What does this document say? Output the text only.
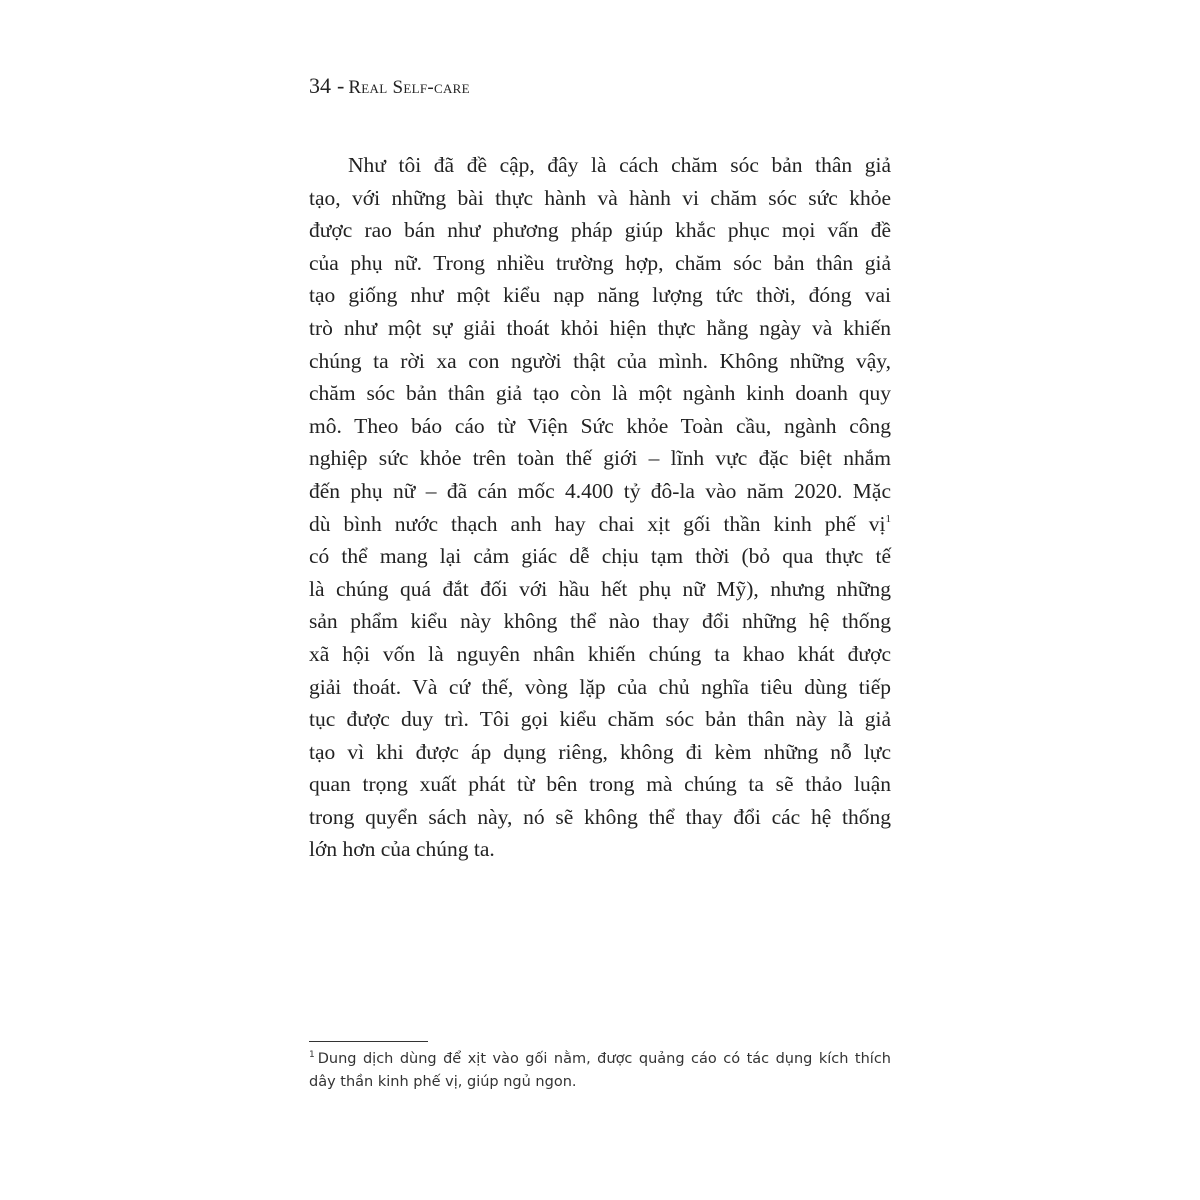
34 - Real Self-care
Như tôi đã đề cập, đây là cách chăm sóc bản thân giả
tạo, với những bài thực hành và hành vi chăm sóc sức khỏe
được rao bán như phương pháp giúp khắc phục mọi vấn đề
của phụ nữ. Trong nhiều trường hợp, chăm sóc bản thân giả
tạo giống như một kiểu nạp năng lượng tức thời, đóng vai
trò như một sự giải thoát khỏi hiện thực hằng ngày và khiến
chúng ta rời xa con người thật của mình. Không những vậy,
chăm sóc bản thân giả tạo còn là một ngành kinh doanh quy
mô. Theo báo cáo từ Viện Sức khỏe Toàn cầu, ngành công
nghiệp sức khỏe trên toàn thế giới – lĩnh vực đặc biệt nhắm
đến phụ nữ – đã cán mốc 4.400 tỷ đô-la vào năm 2020. Mặc
dù bình nước thạch anh hay chai xịt gối thần kinh phế vị$^1$
có thể mang lại cảm giác dễ chịu tạm thời (bỏ qua thực tế
là chúng quá đắt đối với hầu hết phụ nữ Mỹ), nhưng những
sản phẩm kiểu này không thể nào thay đổi những hệ thống
xã hội vốn là nguyên nhân khiến chúng ta khao khát được
giải thoát. Và cứ thế, vòng lặp của chủ nghĩa tiêu dùng tiếp
tục được duy trì. Tôi gọi kiểu chăm sóc bản thân này là giả
tạo vì khi được áp dụng riêng, không đi kèm những nỗ lực
quan trọng xuất phát từ bên trong mà chúng ta sẽ thảo luận
trong quyển sách này, nó sẽ không thể thay đổi các hệ thống
lớn hơn của chúng ta.
$^1$ Dung dịch dùng để xịt vào gối nằm, được quảng cáo có tác dụng kích thích
dây thần kinh phế vị, giúp ngủ ngon.
